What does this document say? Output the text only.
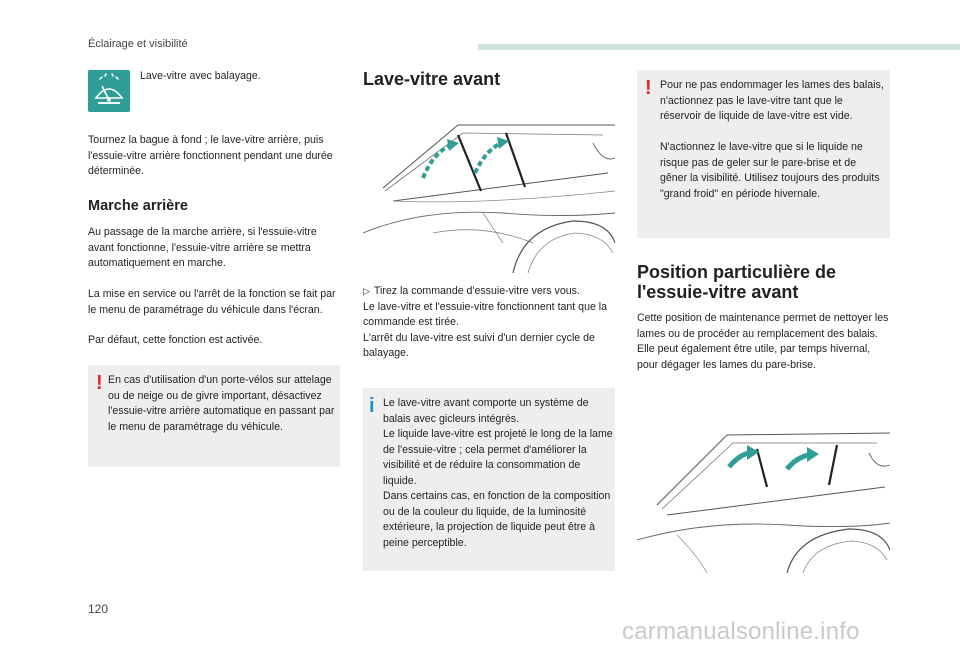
Éclairage et visibilité

Lave-vitre avec balayage.

Tournez la bague à fond ; le lave-vitre arrière, puis l'essuie-vitre arrière fonctionnent pendant une durée déterminée.

Marche arrière

Au passage de la marche arrière, si l'essuie-vitre avant fonctionne, l'essuie-vitre arrière se mettra automatiquement en marche.

La mise en service ou l'arrêt de la fonction se fait par le menu de paramétrage du véhicule dans l'écran.

Par défaut, cette fonction est activée.

! En cas d'utilisation d'un porte-vélos sur attelage ou de neige ou de givre important, désactivez l'essuie-vitre arrière automatique en passant par le menu de paramétrage du véhicule.

Lave-vitre avant

▷ Tirez la commande d'essuie-vitre vers vous.

Le lave-vitre et l'essuie-vitre fonctionnent tant que la commande est tirée.

L'arrêt du lave-vitre est suivi d'un dernier cycle de balayage.

i Le lave-vitre avant comporte un système de balais avec gicleurs intégrés.

Le liquide lave-vitre est projeté le long de la lame de l'essuie-vitre ; cela permet d'améliorer la visibilité et de réduire la consommation de liquide.

Dans certains cas, en fonction de la composition ou de la couleur du liquide, de la luminosité extérieure, la projection de liquide peut être à peine perceptible.

! Pour ne pas endommager les lames des balais, n'actionnez pas le lave-vitre tant que le réservoir de liquide de lave-vitre est vide.

N'actionnez le lave-vitre que si le liquide ne risque pas de geler sur le pare-brise et de gêner la visibilité. Utilisez toujours des produits "grand froid" en période hivernale.

Position particulière de
l'essuie-vitre avant

Cette position de maintenance permet de nettoyer les lames ou de procéder au remplacement des balais. Elle peut également être utile, par temps hivernal, pour dégager les lames du pare-brise.

120
carmanualsonline.info
